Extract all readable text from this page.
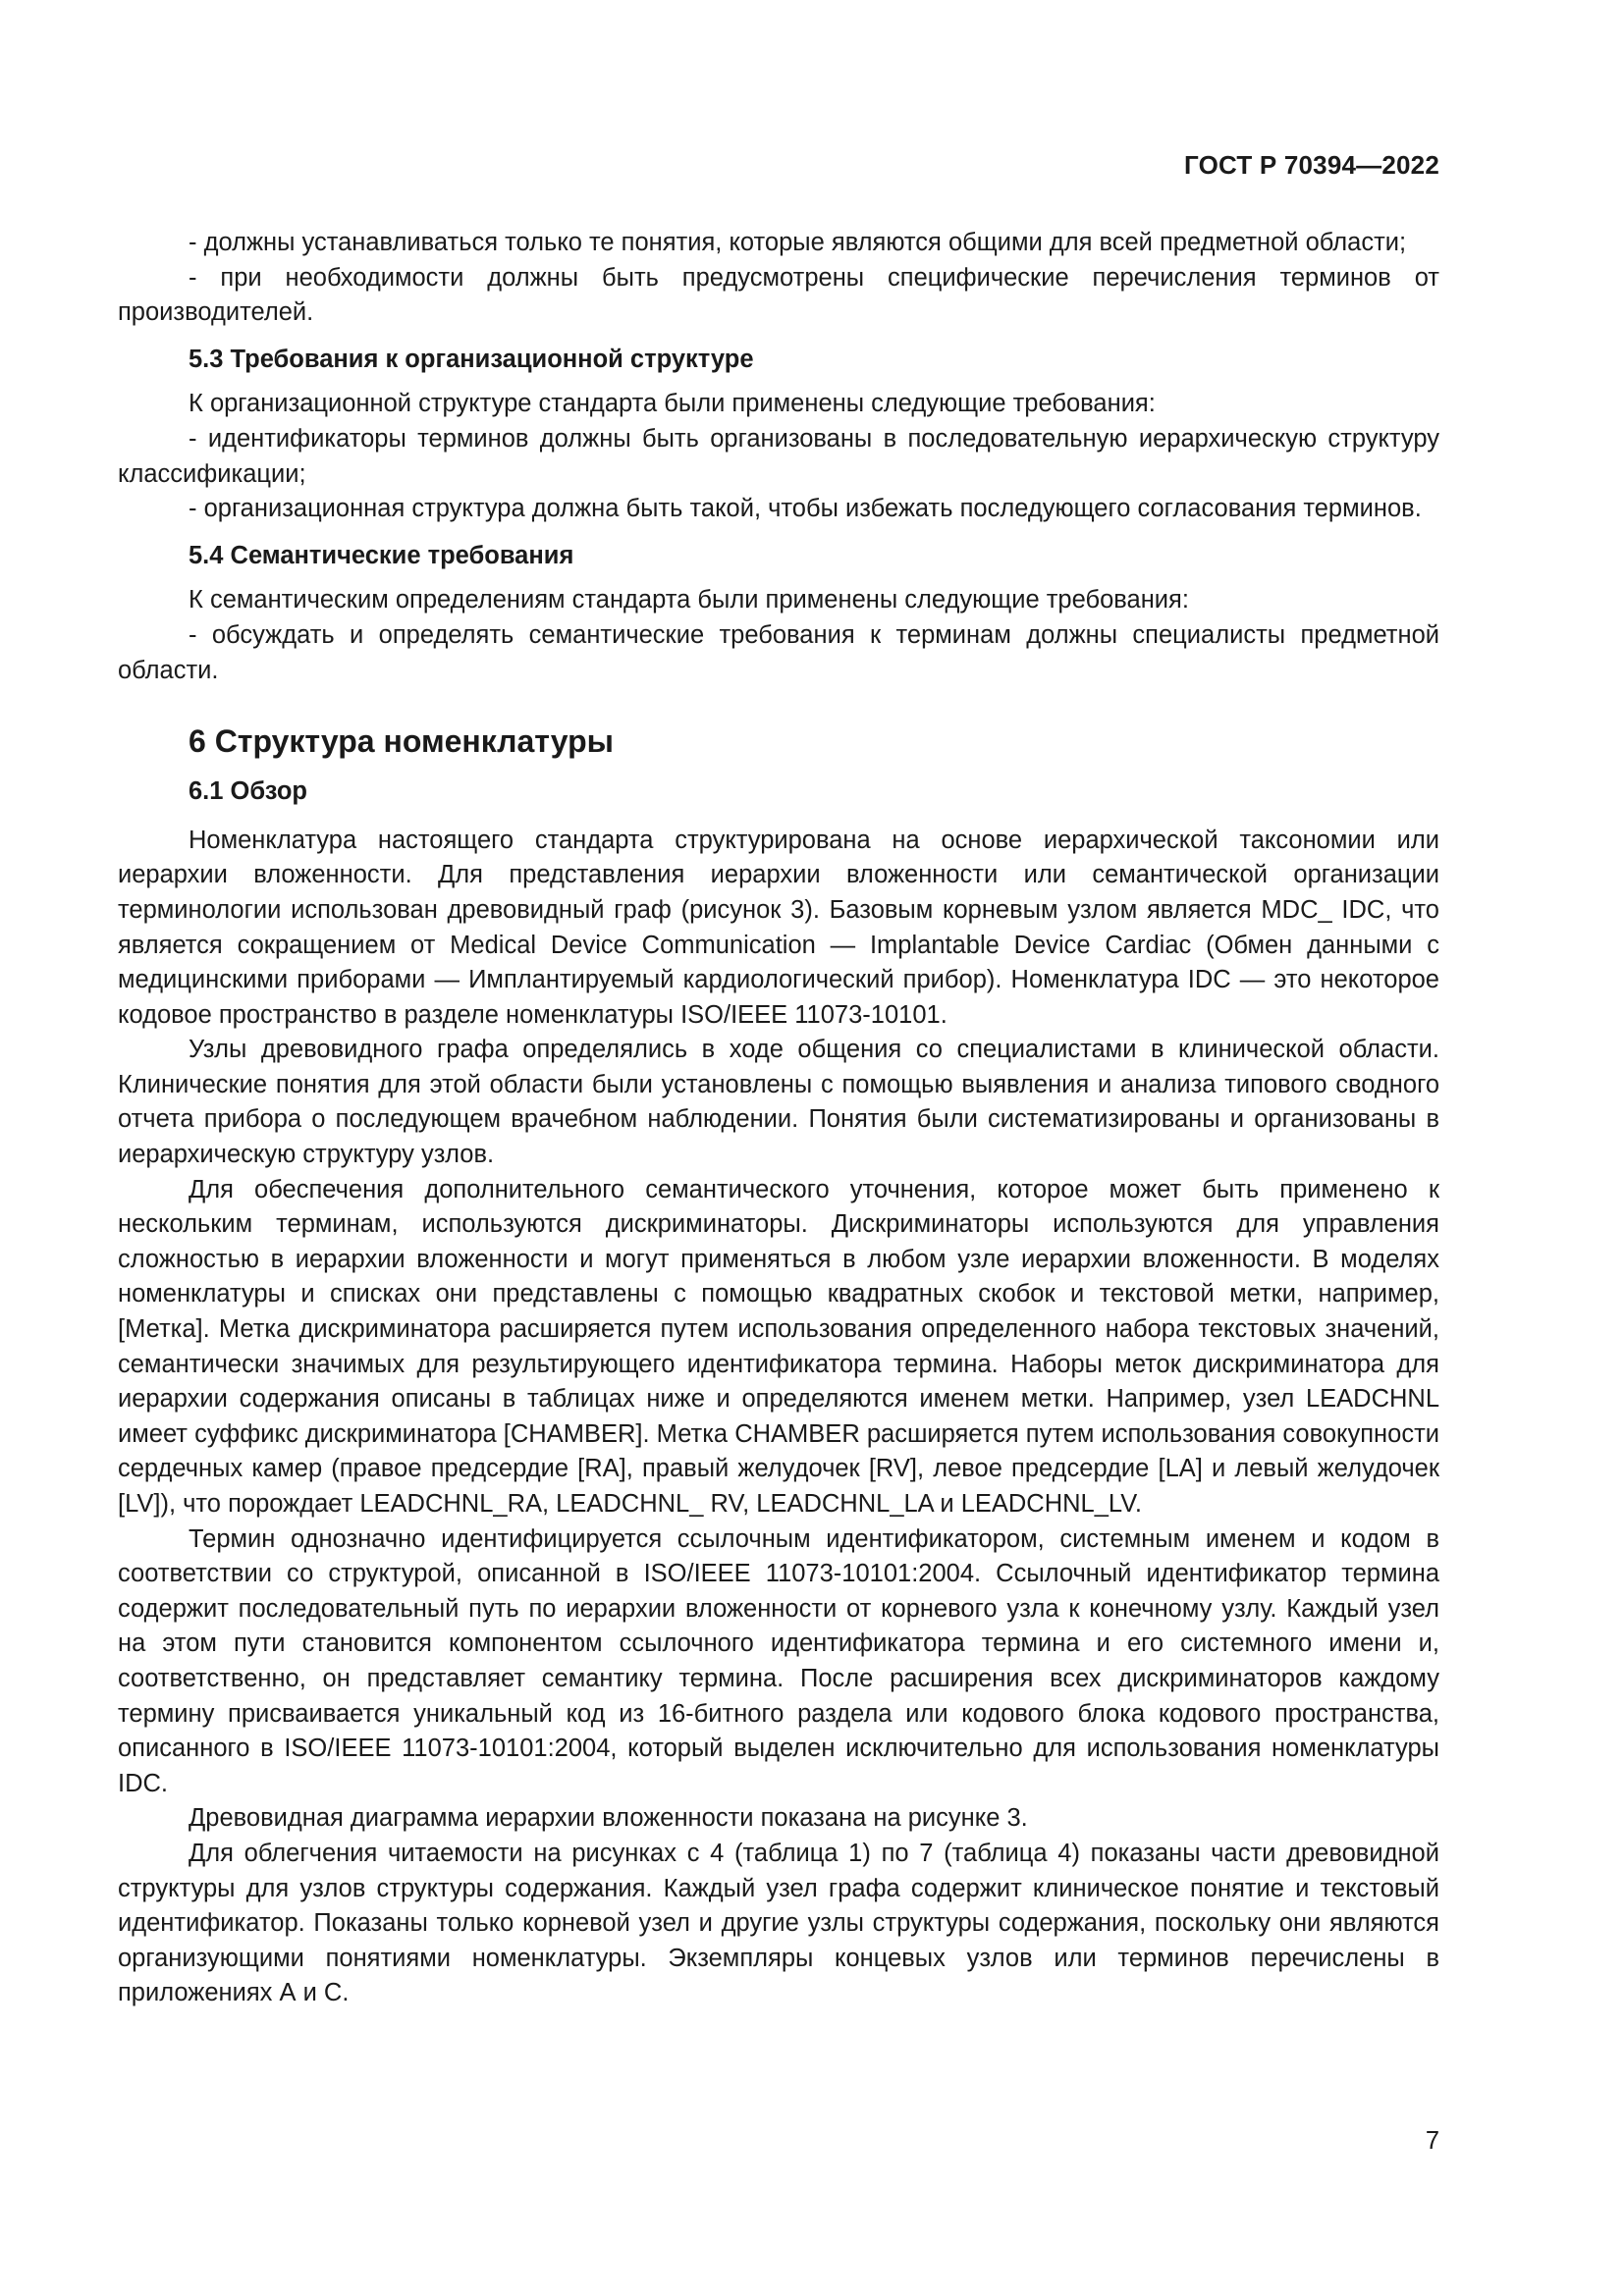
ГОСТ Р 70394—2022

- должны устанавливаться только те понятия, которые являются общими для всей предметной области;

- при необходимости должны быть предусмотрены специфические перечисления терминов от производителей.

5.3 Требования к организационной структуре

К организационной структуре стандарта были применены следующие требования:

- идентификаторы терминов должны быть организованы в последовательную иерархическую структуру классификации;

- организационная структура должна быть такой, чтобы избежать последующего согласования терминов.

5.4 Семантические требования

К семантическим определениям стандарта были применены следующие требования:

- обсуждать и определять семантические требования к терминам должны специалисты предметной области.

6 Структура номенклатуры
6.1 Обзор

Номенклатура настоящего стандарта структурирована на основе иерархической таксономии или иерархии вложенности. Для представления иерархии вложенности или семантической организации терминологии использован древовидный граф (рисунок 3). Базовым корневым узлом является MDC_ IDC, что является сокращением от Medical Device Communication — Implantable Device Cardiac (Обмен данными с медицинскими приборами — Имплантируемый кардиологический прибор). Номенклатура IDC — это некоторое кодовое пространство в разделе номенклатуры ISO/IEEE 11073-10101.

Узлы древовидного графа определялись в ходе общения со специалистами в клинической области. Клинические понятия для этой области были установлены с помощью выявления и анализа типового сводного отчета прибора о последующем врачебном наблюдении. Понятия были систематизированы и организованы в иерархическую структуру узлов.

Для обеспечения дополнительного семантического уточнения, которое может быть применено к нескольким терминам, используются дискриминаторы. Дискриминаторы используются для управления сложностью в иерархии вложенности и могут применяться в любом узле иерархии вложенности. В моделях номенклатуры и списках они представлены с помощью квадратных скобок и текстовой метки, например, [Метка]. Метка дискриминатора расширяется путем использования определенного набора текстовых значений, семантически значимых для результирующего идентификатора термина. Наборы меток дискриминатора для иерархии содержания описаны в таблицах ниже и определяются именем метки. Например, узел LEADCHNL имеет суффикс дискриминатора [CHAMBER]. Метка CHAMBER расширяется путем использования совокупности сердечных камер (правое предсердие [RA], правый желудочек [RV], левое предсердие [LA] и левый желудочек [LV]), что порождает LEADCHNL_RA, LEADCHNL_ RV, LEADCHNL_LA и LEADCHNL_LV.

Термин однозначно идентифицируется ссылочным идентификатором, системным именем и кодом в соответствии со структурой, описанной в ISO/IEEE 11073-10101:2004. Ссылочный идентификатор термина содержит последовательный путь по иерархии вложенности от корневого узла к конечному узлу. Каждый узел на этом пути становится компонентом ссылочного идентификатора термина и его системного имени и, соответственно, он представляет семантику термина. После расширения всех дискриминаторов каждому термину присваивается уникальный код из 16-битного раздела или кодового блока кодового пространства, описанного в ISO/IEEE 11073-10101:2004, который выделен исключительно для использования номенклатуры IDC.

Древовидная диаграмма иерархии вложенности показана на рисунке 3.

Для облегчения читаемости на рисунках с 4 (таблица 1) по 7 (таблица 4) показаны части древовидной структуры для узлов структуры содержания. Каждый узел графа содержит клиническое понятие и текстовый идентификатор. Показаны только корневой узел и другие узлы структуры содержания, поскольку они являются организующими понятиями номенклатуры. Экземпляры концевых узлов или терминов перечислены в приложениях А и С.

7
